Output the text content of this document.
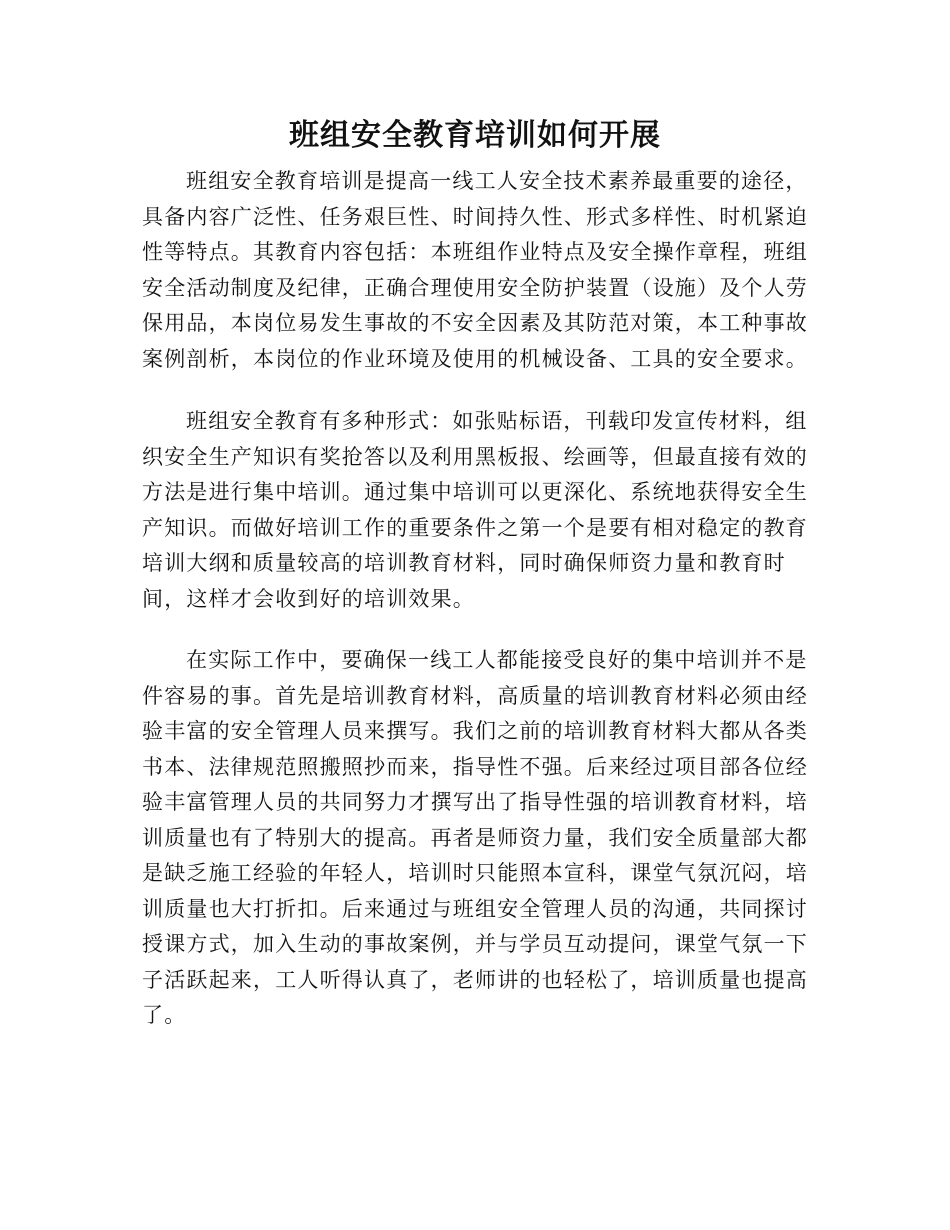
班组安全教育培训如何开展
班组安全教育培训是提高一线工人安全技术素养最重要的途径，
具备内容广泛性、任务艰巨性、时间持久性、形式多样性、时机紧迫
性等特点。其教育内容包括：本班组作业特点及安全操作章程，班组
安全活动制度及纪律，正确合理使用安全防护装置（设施）及个人劳
保用品，本岗位易发生事故的不安全因素及其防范对策，本工种事故
案例剖析，本岗位的作业环境及使用的机械设备、工具的安全要求。
班组安全教育有多种形式：如张贴标语，刊载印发宣传材料，组
织安全生产知识有奖抢答以及利用黑板报、绘画等，但最直接有效的
方法是进行集中培训。通过集中培训可以更深化、系统地获得安全生
产知识。而做好培训工作的重要条件之第一个是要有相对稳定的教育
培训大纲和质量较高的培训教育材料，同时确保师资力量和教育时
间，这样才会收到好的培训效果。
在实际工作中，要确保一线工人都能接受良好的集中培训并不是
件容易的事。首先是培训教育材料，高质量的培训教育材料必须由经
验丰富的安全管理人员来撰写。我们之前的培训教育材料大都从各类
书本、法律规范照搬照抄而来，指导性不强。后来经过项目部各位经
验丰富管理人员的共同努力才撰写出了指导性强的培训教育材料，培
训质量也有了特别大的提高。再者是师资力量，我们安全质量部大都
是缺乏施工经验的年轻人，培训时只能照本宣科，课堂气氛沉闷，培
训质量也大打折扣。后来通过与班组安全管理人员的沟通，共同探讨
授课方式，加入生动的事故案例，并与学员互动提问，课堂气氛一下
子活跃起来，工人听得认真了，老师讲的也轻松了，培训质量也提高
了。
